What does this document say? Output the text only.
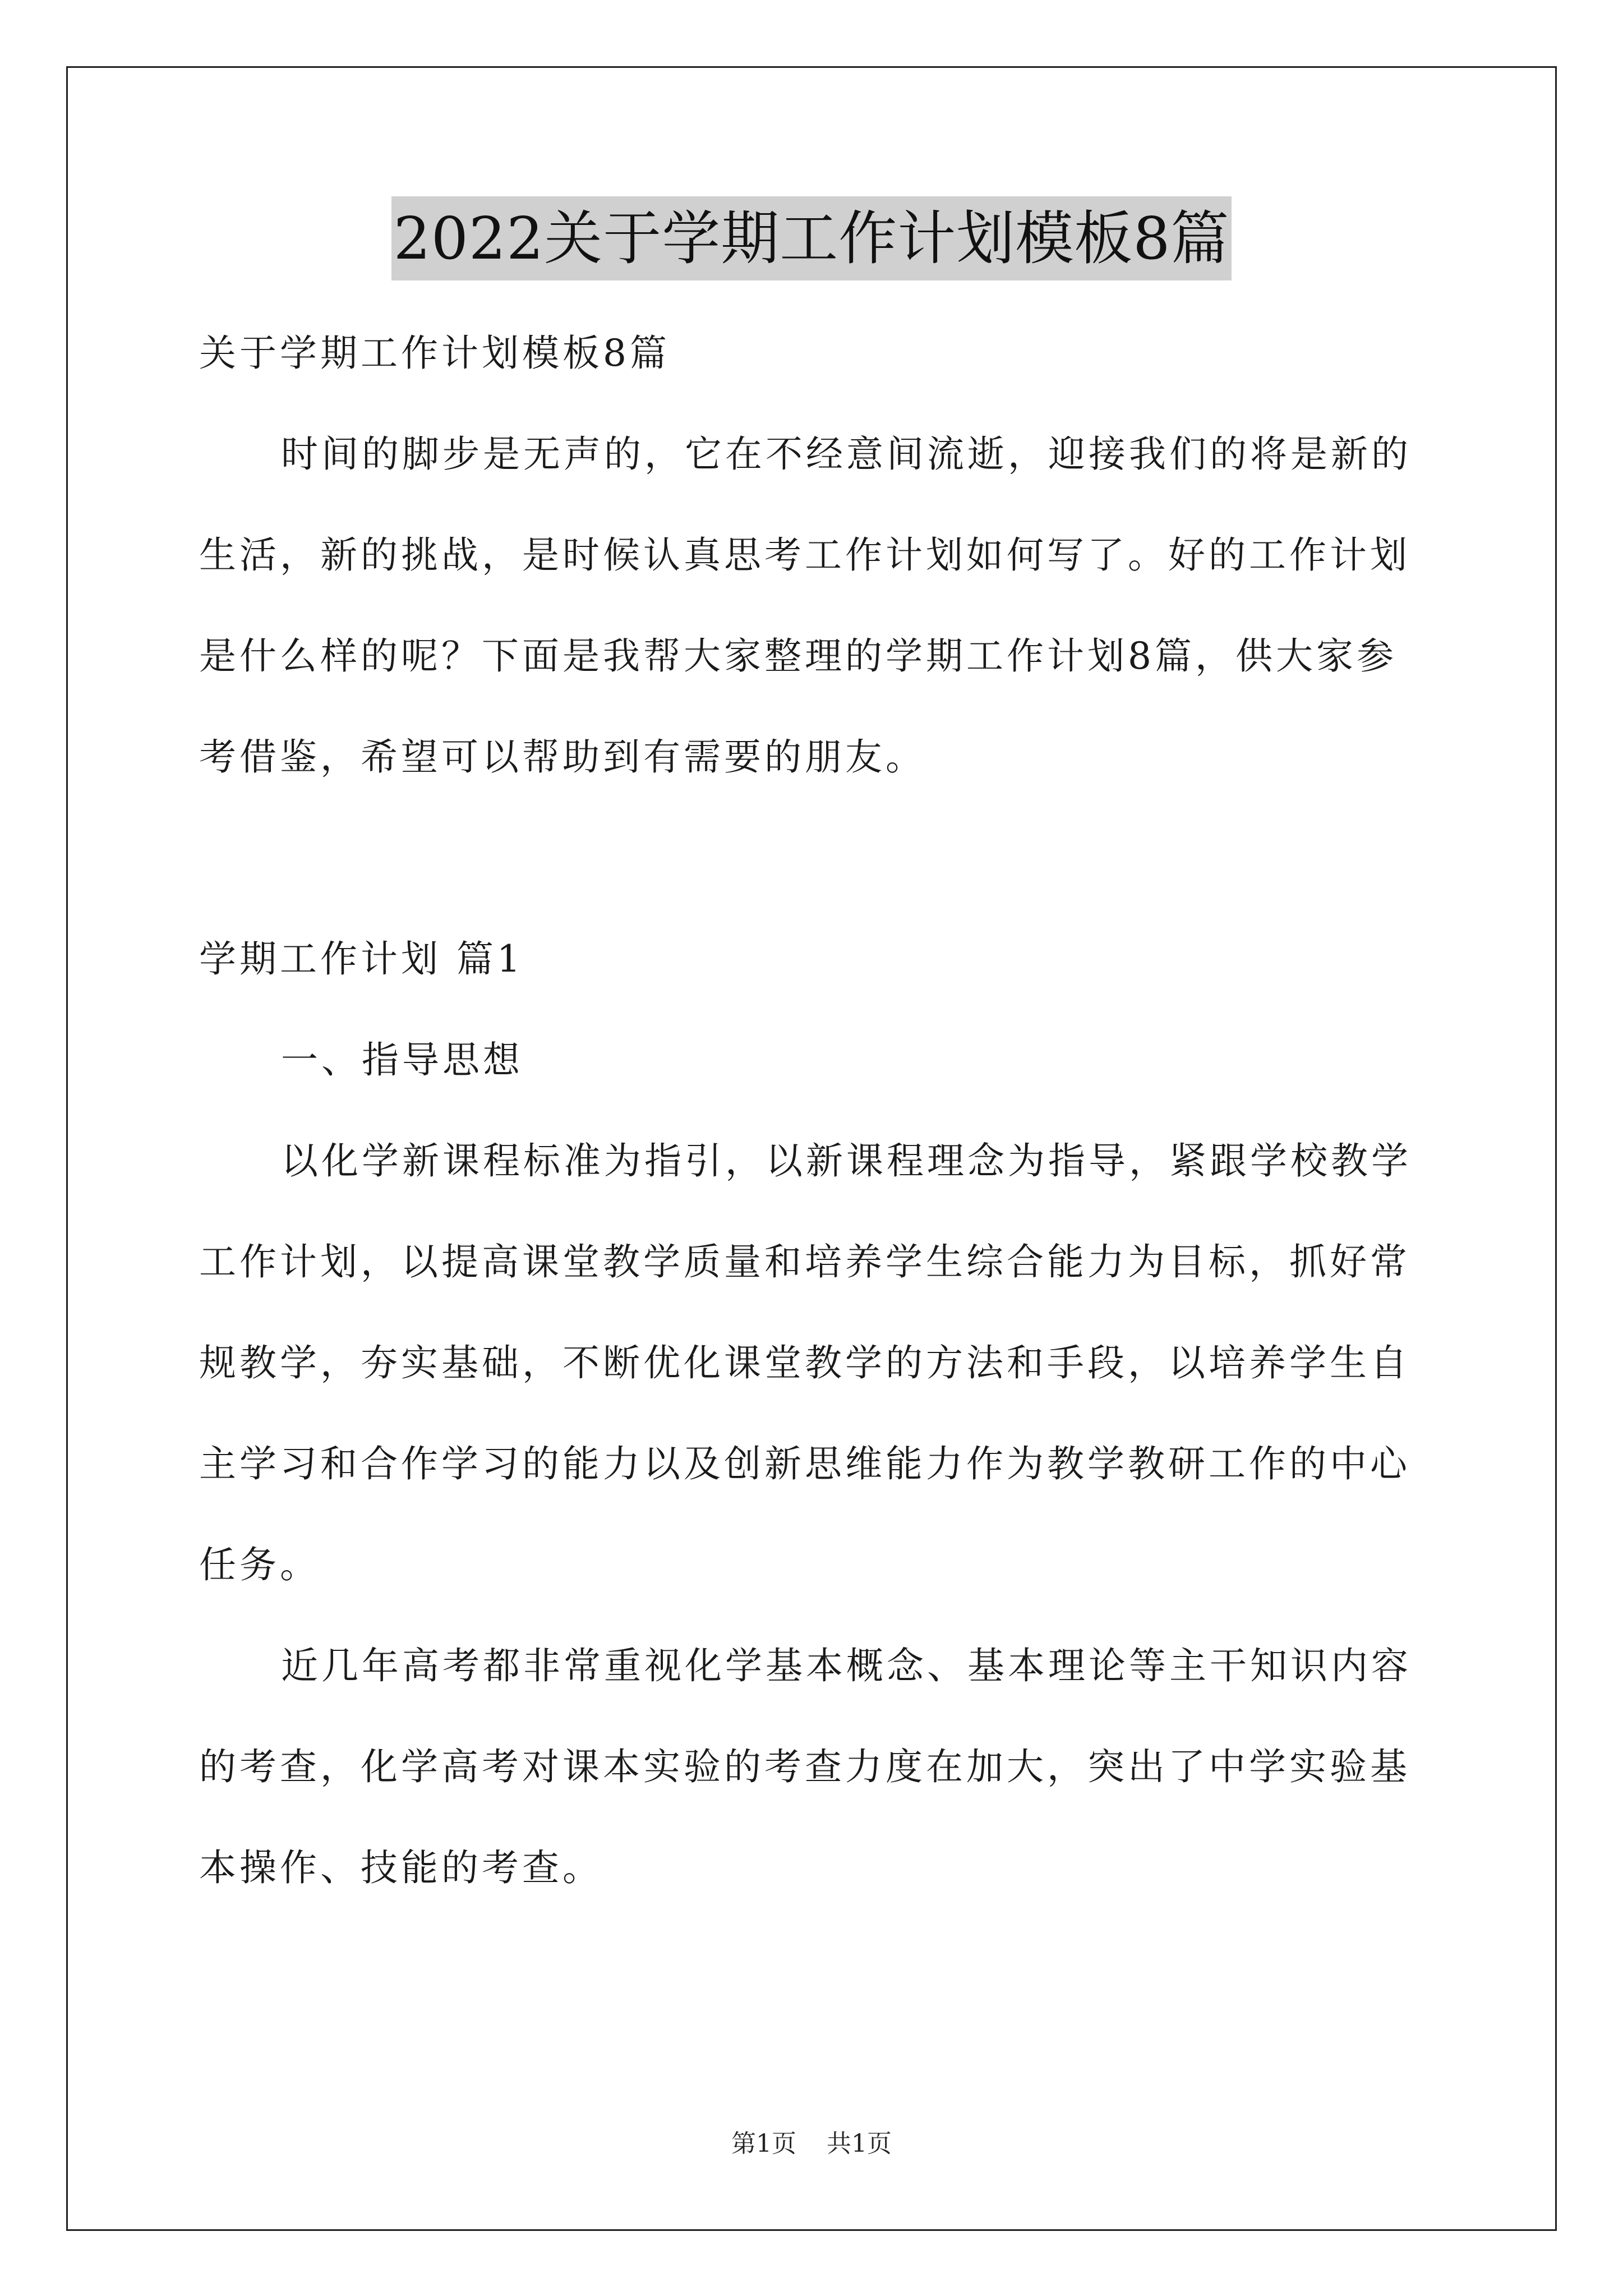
2022关于学期工作计划模板8篇
关于学期工作计划模板8篇
时间的脚步是无声的，它在不经意间流逝，迎接我们的将是新的
生活，新的挑战，是时候认真思考工作计划如何写了。好的工作计划
是什么样的呢？下面是我帮大家整理的学期工作计划8篇，供大家参
考借鉴，希望可以帮助到有需要的朋友。
学期工作计划 篇1
一、指导思想
以化学新课程标准为指引，以新课程理念为指导，紧跟学校教学
工作计划，以提高课堂教学质量和培养学生综合能力为目标，抓好常
规教学，夯实基础，不断优化课堂教学的方法和手段，以培养学生自
主学习和合作学习的能力以及创新思维能力作为教学教研工作的中心
任务。
近几年高考都非常重视化学基本概念、基本理论等主干知识内容
的考查，化学高考对课本实验的考查力度在加大，突出了中学实验基
本操作、技能的考查。
第1页 共1页
